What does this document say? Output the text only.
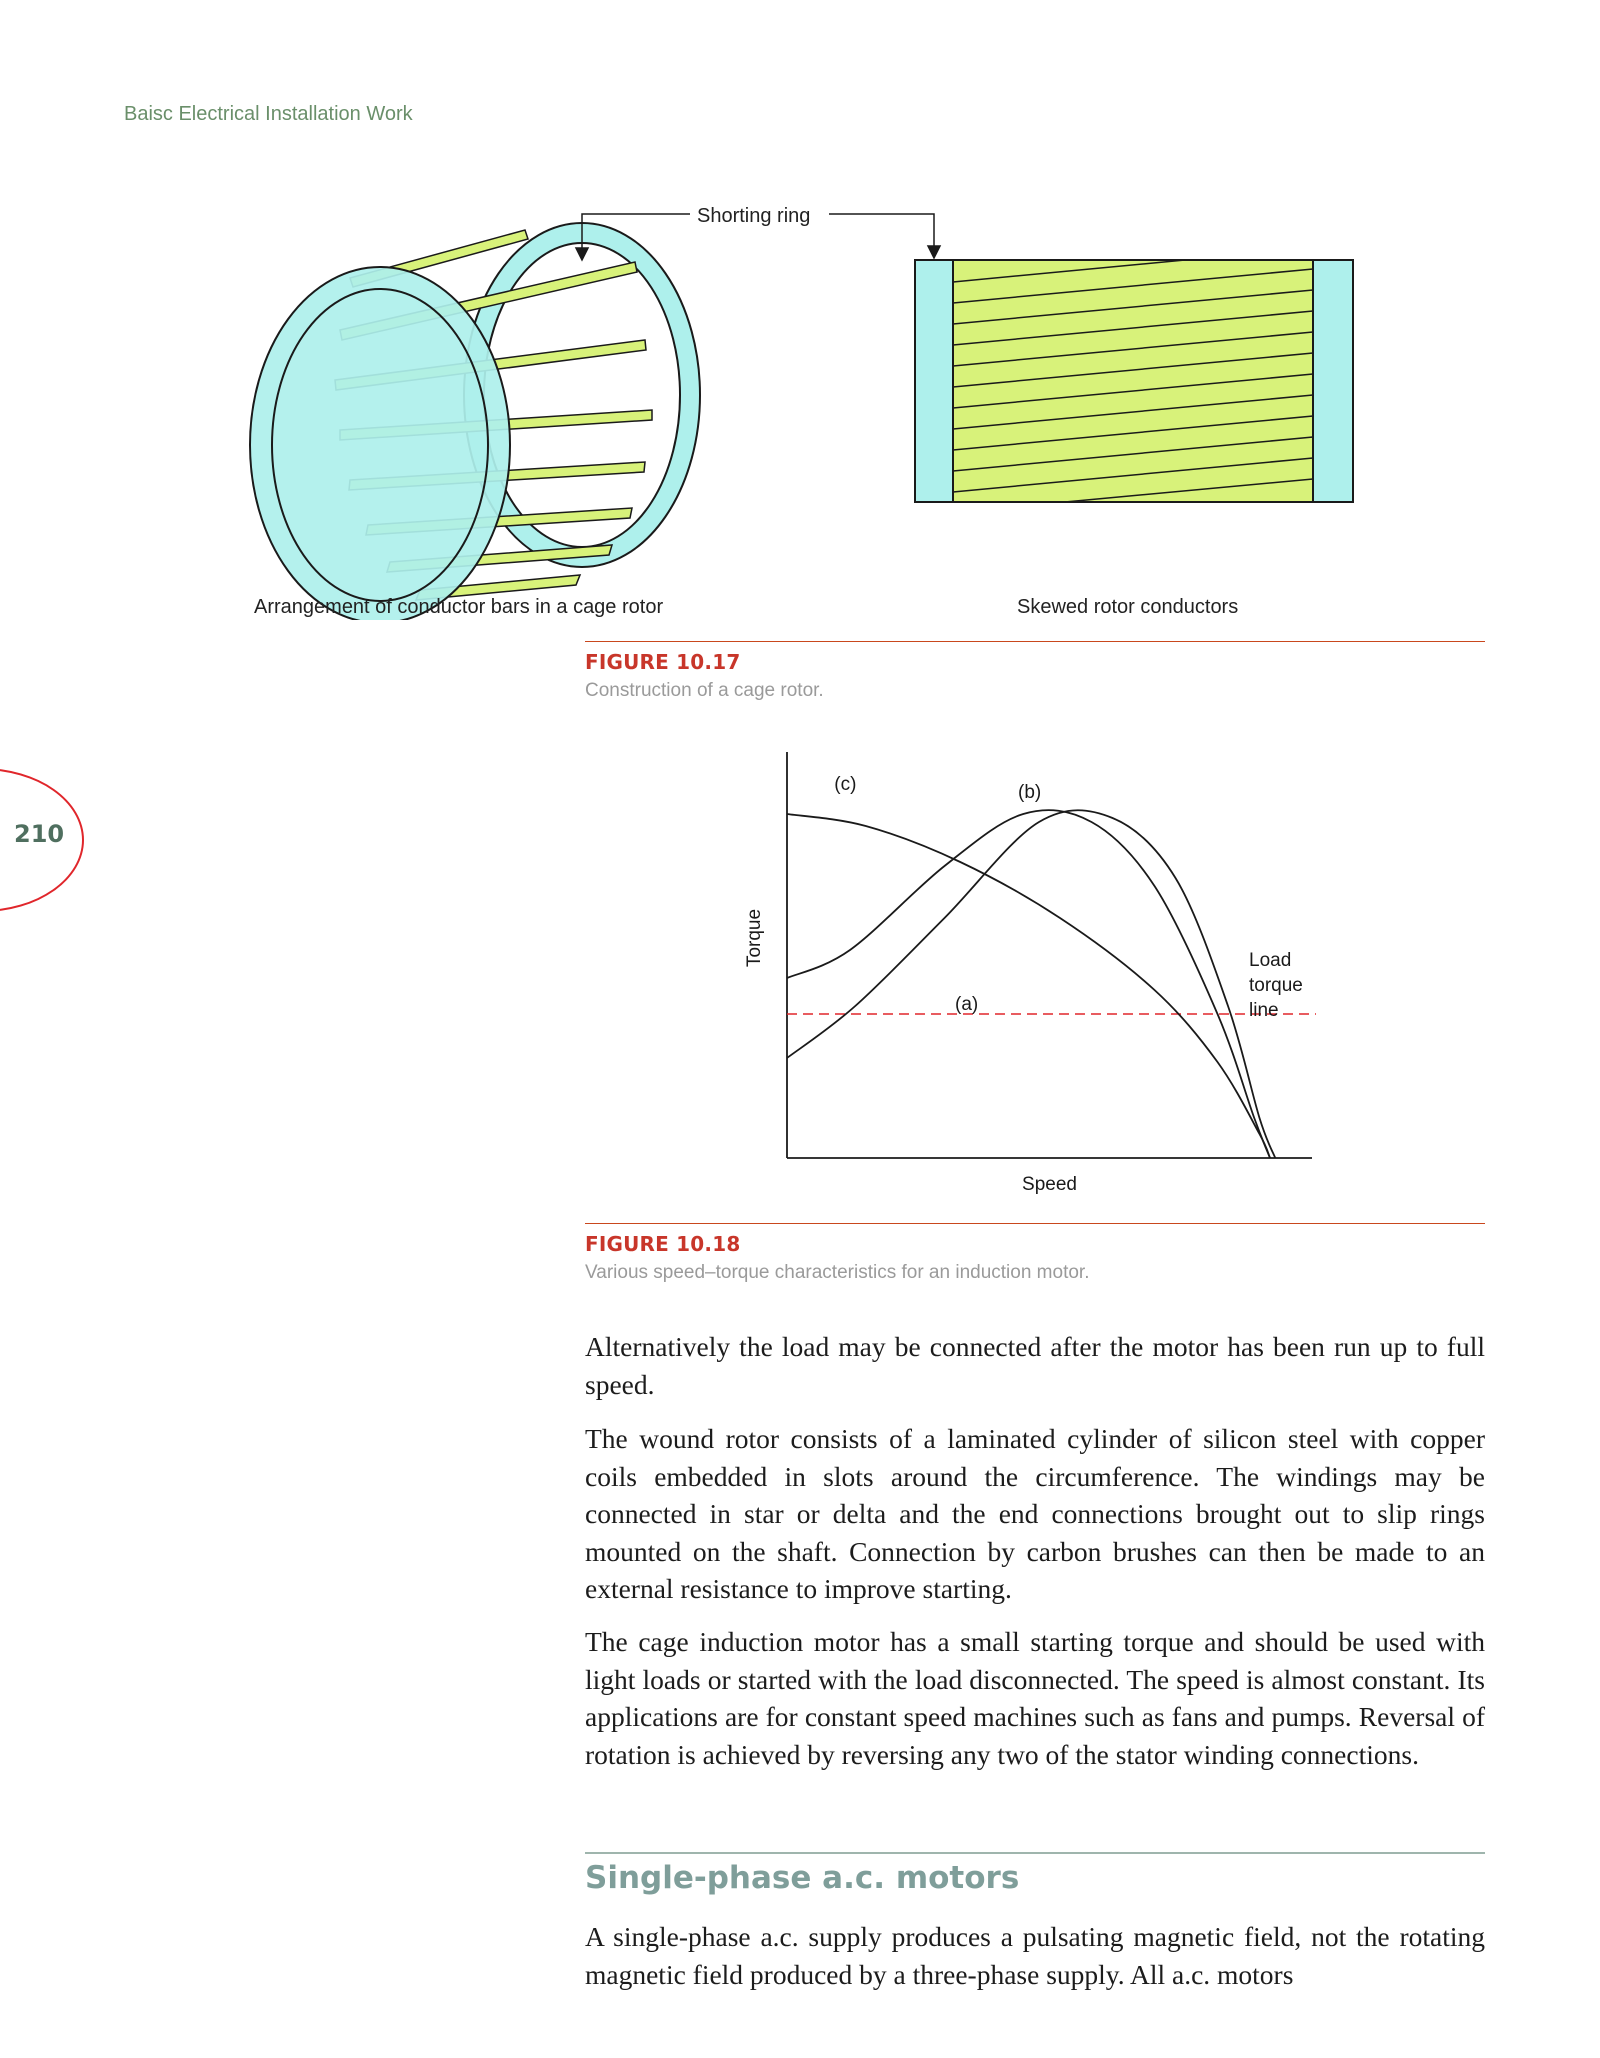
Baisc Electrical Installation Work
210
Shorting ring
Arrangement of conductor bars in a cage rotor	Skewed rotor conductors
FIGURE 10.17
Construction of a cage rotor.
(a)
(b)
(c)
Load
torque
line
Speed
Torque
FIGURE 10.18
Various speed–torque characteristics for an induction motor.

Alternatively the load may be connected after the motor has been run up to full speed.

The wound rotor consists of a laminated cylinder of silicon steel with copper coils embedded in slots around the circumference. The windings may be connected in star or delta and the end connections brought out to slip rings mounted on the shaft. Connection by carbon brushes can then be made to an external resistance to improve starting.

The cage induction motor has a small starting torque and should be used with light loads or started with the load disconnected. The speed is almost constant. Its applications are for constant speed machines such as fans and pumps. Reversal of rotation is achieved by reversing any two of the stator winding connections.

Single-phase a.c. motors

A single-phase a.c. supply produces a pulsating magnetic field, not the rotating magnetic field produced by a three-phase supply. All a.c. motors
